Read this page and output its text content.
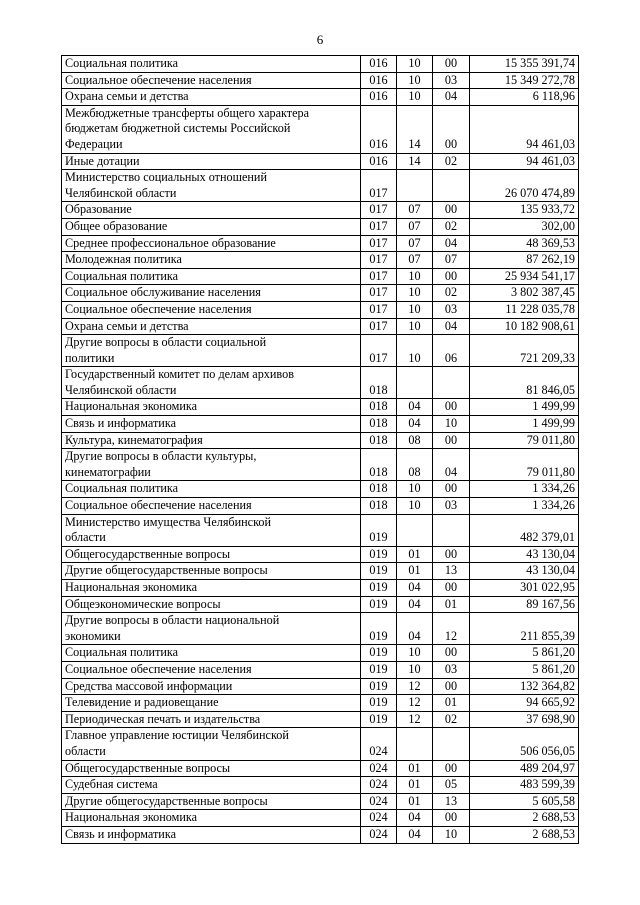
6
Социальная политика	016	10	00	15 355 391,74

Социальное обеспечение населения	016	10	03	15 349 272,78

Охрана семьи и детства	016	10	04	6 118,96

Межбюджетные трансферты общего характера
бюджетам бюджетной системы Российской
Федерации	016	14	00	94 461,03

Иные дотации	016	14	02	94 461,03

Министерство социальных отношений
Челябинской области	017			26 070 474,89

Образование	017	07	00	135 933,72

Общее образование	017	07	02	302,00

Среднее профессиональное образование	017	07	04	48 369,53

Молодежная политика	017	07	07	87 262,19

Социальная политика	017	10	00	25 934 541,17

Социальное обслуживание населения	017	10	02	3 802 387,45

Социальное обеспечение населения	017	10	03	11 228 035,78

Охрана семьи и детства	017	10	04	10 182 908,61

Другие вопросы в области социальной
политики	017	10	06	721 209,33

Государственный комитет по делам архивов
Челябинской области	018			81 846,05

Национальная экономика	018	04	00	1 499,99

Связь и информатика	018	04	10	1 499,99

Культура, кинематография	018	08	00	79 011,80

Другие вопросы в области культуры,
кинематографии	018	08	04	79 011,80

Социальная политика	018	10	00	1 334,26

Социальное обеспечение населения	018	10	03	1 334,26

Министерство имущества Челябинской
области	019			482 379,01

Общегосударственные вопросы	019	01	00	43 130,04

Другие общегосударственные вопросы	019	01	13	43 130,04

Национальная экономика	019	04	00	301 022,95

Общеэкономические вопросы	019	04	01	89 167,56

Другие вопросы в области национальной
экономики	019	04	12	211 855,39

Социальная политика	019	10	00	5 861,20

Социальное обеспечение населения	019	10	03	5 861,20

Средства массовой информации	019	12	00	132 364,82

Телевидение и радиовещание	019	12	01	94 665,92

Периодическая печать и издательства	019	12	02	37 698,90

Главное управление юстиции Челябинской
области	024			506 056,05

Общегосударственные вопросы	024	01	00	489 204,97

Судебная система	024	01	05	483 599,39

Другие общегосударственные вопросы	024	01	13	5 605,58

Национальная экономика	024	04	00	2 688,53

Связь и информатика	024	04	10	2 688,53
